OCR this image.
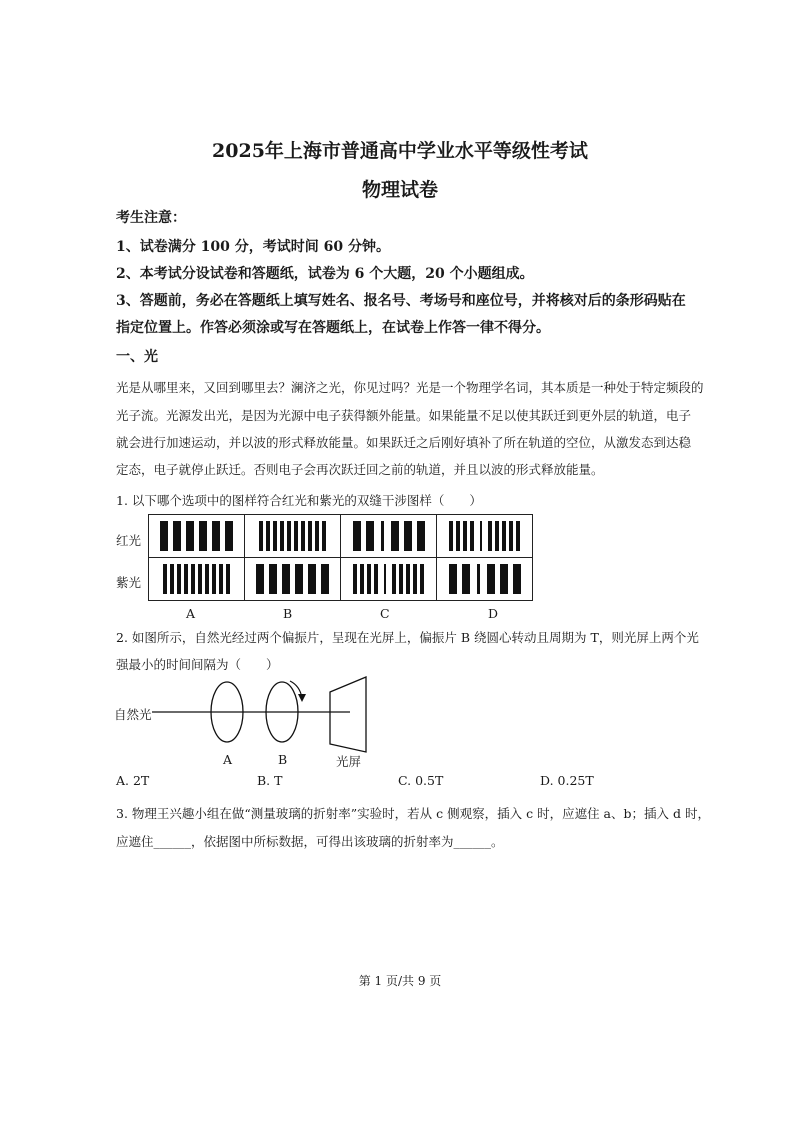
2025年上海市普通高中学业水平等级性考试
物理试卷
考生注意：
1、试卷满分 100 分，考试时间 60 分钟。
2、本考试分设试卷和答题纸，试卷为 6 个大题，20 个小题组成。
3、答题前，务必在答题纸上填写姓名、报名号、考场号和座位号，并将核对后的条形码贴在
指定位置上。作答必须涂或写在答题纸上，在试卷上作答一律不得分。
一、光
光是从哪里来，又回到哪里去？澜济之光，你见过吗？光是一个物理学名词，其本质是一种处于特定频段的
光子流。光源发出光，是因为光源中电子获得额外能量。如果能量不足以使其跃迁到更外层的轨道，电子
就会进行加速运动，并以波的形式释放能量。如果跃迁之后刚好填补了所在轨道的空位，从激发态到达稳
定态，电子就停止跃迁。否则电子会再次跃迁回之前的轨道，并且以波的形式释放能量。
1. 以下哪个选项中的图样符合红光和紫光的双缝干涉图样（　　）
红光
紫光

A	B	C	D
2. 如图所示，自然光经过两个偏振片，呈现在光屏上，偏振片 B 绕圆心转动且周期为 T，则光屏上两个光
强最小的时间间隔为（　　）
自然光
A	B	光屏
A. 2T	B. T	C. 0.5T	D. 0.25T
3. 物理王兴趣小组在做“测量玻璃的折射率”实验时，若从 c 侧观察，插入 c 时，应遮住 a、b；插入 d 时，
应遮住______，依据图中所标数据，可得出该玻璃的折射率为______。
第 1 页/共 9 页
